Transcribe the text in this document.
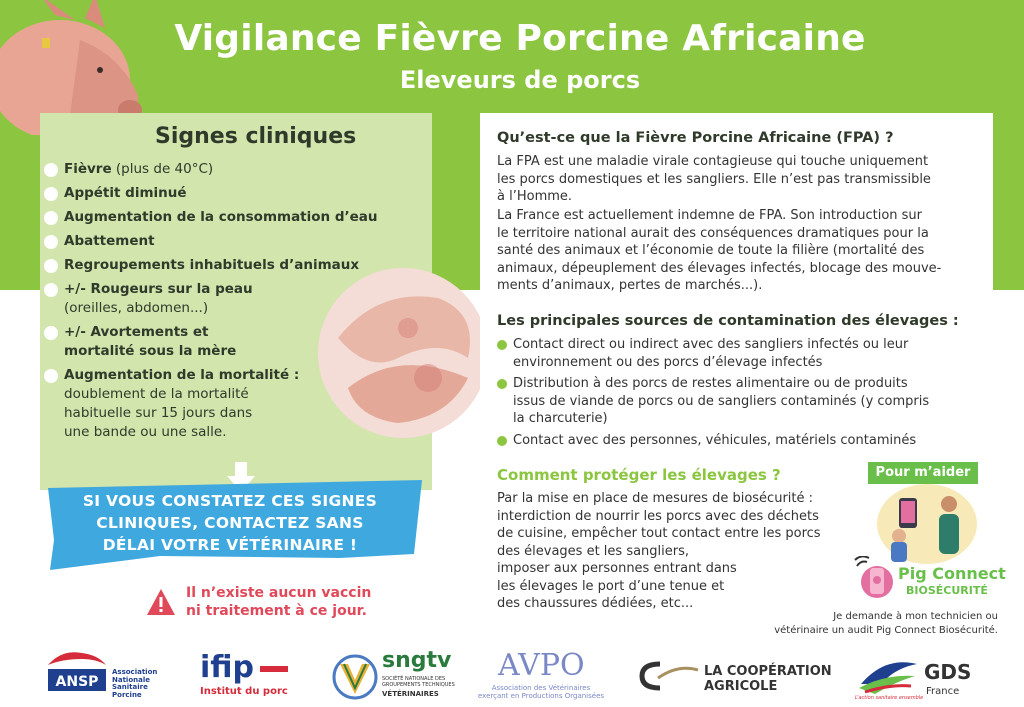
Vigilance Fièvre Porcine Africaine
Eleveurs de porcs
Signes cliniques
Fièvre (plus de 40°C)
Appétit diminué
Augmentation de la consommation d’eau
Abattement
Regroupements inhabituels d’animaux
+/- Rougeurs sur la peau
(oreilles, abdomen...)
+/- Avortements et
mortalité sous la mère
Augmentation de la mortalité :
doublement de la mortalité
habituelle sur 15 jours dans
une bande ou une salle.
SI VOUS CONSTATEZ CES SIGNES
CLINIQUES, CONTACTEZ SANS
DÉLAI VOTRE VÉTÉRINAIRE !
Il n’existe aucun vaccin
ni traitement à ce jour.
Qu’est-ce que la Fièvre Porcine Africaine (FPA) ?
La FPA est une maladie virale contagieuse qui touche uniquement
les porcs domestiques et les sangliers. Elle n’est pas transmissible
à l’Homme.
La France est actuellement indemne de FPA. Son introduction sur
le territoire national aurait des conséquences dramatiques pour la
santé des animaux et l’économie de toute la filière (mortalité des
animaux, dépeuplement des élevages infectés, blocage des mouve-
ments d’animaux, pertes de marchés...).
Les principales sources de contamination des élevages :
Contact direct ou indirect avec des sangliers infectés ou leur
environnement ou des porcs d’élevage infectés
Distribution à des porcs de restes alimentaire ou de produits
issus de viande de porcs ou de sangliers contaminés (y compris
la charcuterie)
Contact avec des personnes, véhicules, matériels contaminés
Comment protéger les élevages ?
Par la mise en place de mesures de biosécurité :
interdiction de nourrir les porcs avec des déchets
de cuisine, empêcher tout contact entre les porcs
des élevages et les sangliers,
imposer aux personnes entrant dans
les élevages le port d’une tenue et
des chaussures dédiées, etc...
Pour m’aider
Pig Connect
BIOSÉCURITÉ
Je demande à mon technicien ou
vétérinaire un audit Pig Connect Biosécurité.
ANSP
Association
Nationale
Sanitaire
Porcine
ifip
Institut du porc
sngtv
SOCIÉTÉ NATIONALE DES
GROUPEMENTS TECHNIQUES
VÉTÉRINAIRES
AVPO
Association des Vétérinaires
exerçant en Productions Organisées
LA COOPÉRATION
AGRICOLE
GDS
France
L’action sanitaire ensemble
